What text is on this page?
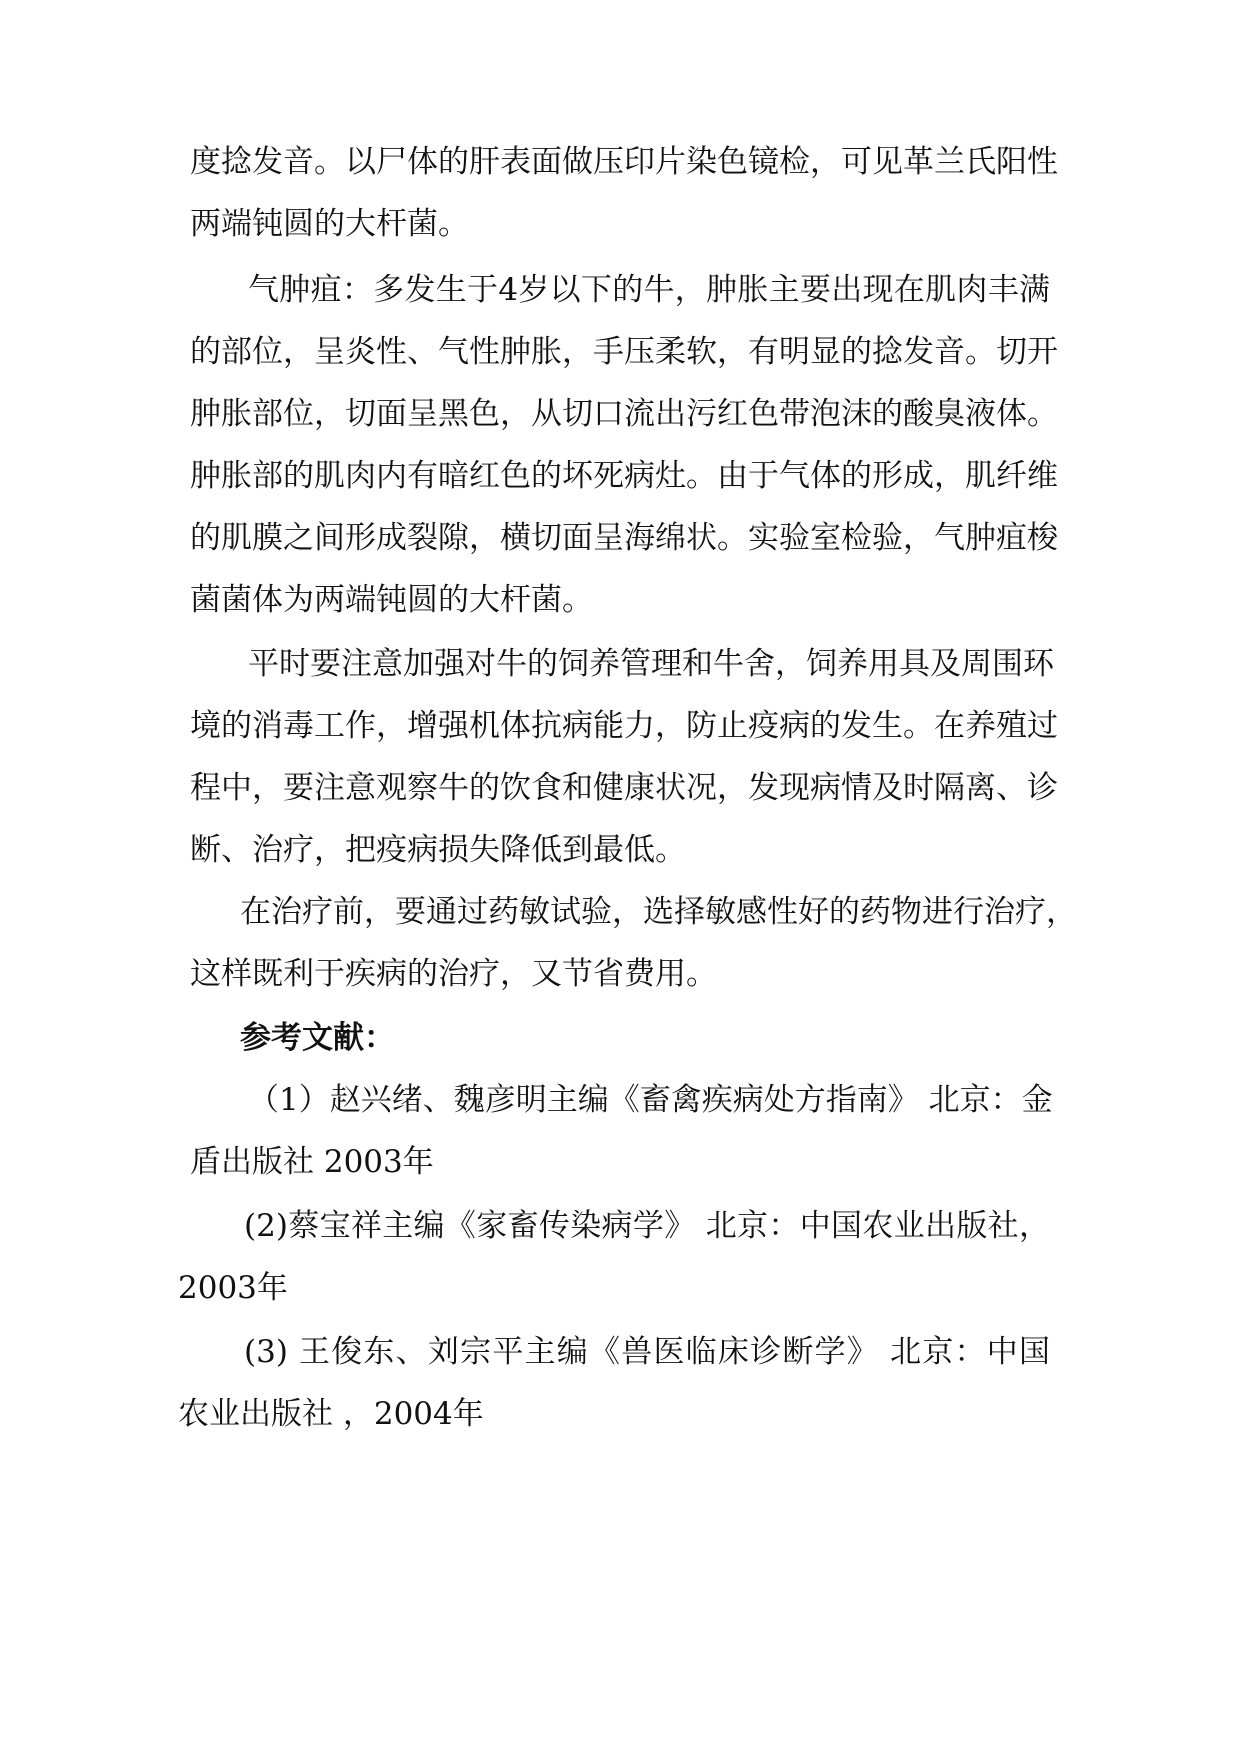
度捻发音。以尸体的肝表面做压印片染色镜检，可见革兰氏阳性
两端钝圆的大杆菌。
气肿疽：多发生于4岁以下的牛，肿胀主要出现在肌肉丰满
的部位，呈炎性、气性肿胀，手压柔软，有明显的捻发音。切开
肿胀部位，切面呈黑色，从切口流出污红色带泡沫的酸臭液体。
肿胀部的肌肉内有暗红色的坏死病灶。由于气体的形成，肌纤维
的肌膜之间形成裂隙，横切面呈海绵状。实验室检验，气肿疽梭
菌菌体为两端钝圆的大杆菌。
平时要注意加强对牛的饲养管理和牛舍，饲养用具及周围环
境的消毒工作，增强机体抗病能力，防止疫病的发生。在养殖过
程中，要注意观察牛的饮食和健康状况，发现病情及时隔离、诊
断、治疗，把疫病损失降低到最低。
在治疗前，要通过药敏试验，选择敏感性好的药物进行治疗，
这样既利于疾病的治疗，又节省费用。
参考文献：
（1）赵兴绪、魏彦明主编《畜禽疾病处方指南》 北京：金
盾出版社 2003年
(2)蔡宝祥主编《家畜传染病学》 北京：中国农业出版社，
2003年
(3) 王俊东、刘宗平主编《兽医临床诊断学》 北京：中国
农业出版社 ，2004年
